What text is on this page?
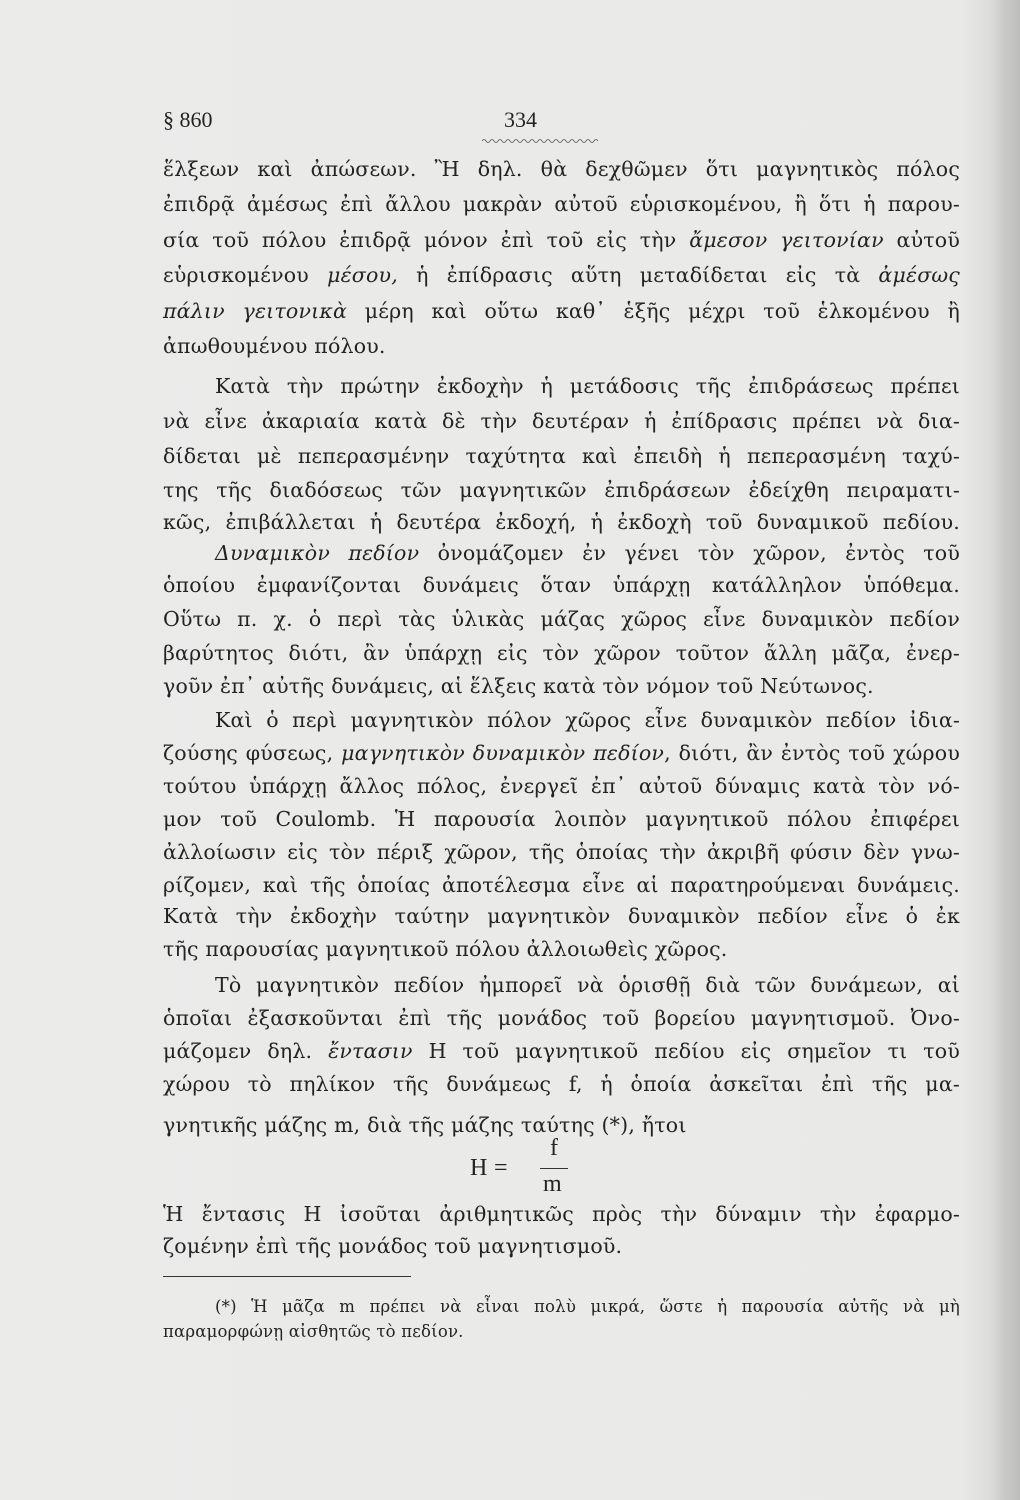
§ 860	334
ἕλξεων καὶ ἀπώσεων. Ἢ δηλ. θὰ δεχθῶμεν ὅτι μαγνητικὸς πόλος
ἐπιδρᾷ ἀμέσως ἐπὶ ἄλλου μακρὰν αὐτοῦ εὑρισκομένου, ἢ ὅτι ἡ παρου-
σία τοῦ πόλου ἐπιδρᾷ μόνον ἐπὶ τοῦ εἰς τὴν ἄμεσον γειτονίαν αὐτοῦ
εὑρισκομένου μέσου, ἡ ἐπίδρασις αὕτη μεταδίδεται εἰς τὰ ἀμέσως
πάλιν γειτονικὰ μέρη καὶ οὕτω καθ᾽ ἑξῆς μέχρι τοῦ ἑλκομένου ἢ
ἀπωθουμένου πόλου.
Κατὰ τὴν πρώτην ἐκδοχὴν ἡ μετάδοσις τῆς ἐπιδράσεως πρέπει
νὰ εἶνε ἀκαριαία κατὰ δὲ τὴν δευτέραν ἡ ἐπίδρασις πρέπει νὰ δια-
δίδεται μὲ πεπερασμένην ταχύτητα καὶ ἐπειδὴ ἡ πεπερασμένη ταχύ-
της τῆς διαδόσεως τῶν μαγνητικῶν ἐπιδράσεων ἐδείχθη πειραματι-
κῶς, ἐπιβάλλεται ἡ δευτέρα ἐκδοχή, ἡ ἐκδοχὴ τοῦ δυναμικοῦ πεδίου.
Δυναμικὸν πεδίον ὀνομάζομεν ἐν γένει τὸν χῶρον, ἐντὸς τοῦ
ὁποίου ἐμφανίζονται δυνάμεις ὅταν ὑπάρχῃ κατάλληλον ὑπόθεμα.
Οὕτω π. χ. ὁ περὶ τὰς ὑλικὰς μάζας χῶρος εἶνε δυναμικὸν πεδίον
βαρύτητος διότι, ἂν ὑπάρχῃ εἰς τὸν χῶρον τοῦτον ἄλλη μᾶζα, ἐνερ-
γοῦν ἐπ᾽ αὐτῆς δυνάμεις, αἱ ἕλξεις κατὰ τὸν νόμον τοῦ Νεύτωνος.
Καὶ ὁ περὶ μαγνητικὸν πόλον χῶρος εἶνε δυναμικὸν πεδίον ἰδια-
ζούσης φύσεως, μαγνητικὸν δυναμικὸν πεδίον, διότι, ἂν ἐντὸς τοῦ χώρου
τούτου ὑπάρχῃ ἄλλος πόλος, ἐνεργεῖ ἐπ᾽ αὐτοῦ δύναμις κατὰ τὸν νό-
μον τοῦ Coulomb. Ἡ παρουσία λοιπὸν μαγνητικοῦ πόλου ἐπιφέρει
ἀλλοίωσιν εἰς τὸν πέριξ χῶρον, τῆς ὁποίας τὴν ἀκριβῆ φύσιν δὲν γνω-
ρίζομεν, καὶ τῆς ὁποίας ἀποτέλεσμα εἶνε αἱ παρατηρούμεναι δυνάμεις.
Κατὰ τὴν ἐκδοχὴν ταύτην μαγνητικὸν δυναμικὸν πεδίον εἶνε ὁ ἐκ
τῆς παρουσίας μαγνητικοῦ πόλου ἀλλοιωθεὶς χῶρος.
Τὸ μαγνητικὸν πεδίον ἠμπορεῖ νὰ ὁρισθῇ διὰ τῶν δυνάμεων, αἱ
ὁποῖαι ἐξασκοῦνται ἐπὶ τῆς μονάδος τοῦ βορείου μαγνητισμοῦ. Ὀνο-
μάζομεν δηλ. ἔντασιν H τοῦ μαγνητικοῦ πεδίου εἰς σημεῖον τι τοῦ
χώρου τὸ πηλίκον τῆς δυνάμεως f, ἡ ὁποία ἀσκεῖται ἐπὶ τῆς μα-
γνητικῆς μάζης m, διὰ τῆς μάζης ταύτης (*), ἤτοι
Ἡ ἔντασις H ἰσοῦται ἀριθμητικῶς πρὸς τὴν δύναμιν τὴν ἐφαρμο-
ζομένην ἐπὶ τῆς μονάδος τοῦ μαγνητισμοῦ.
H =
f
m
(*) Ἡ μᾶζα m πρέπει νὰ εἶναι πολὺ μικρά, ὥστε ἡ παρουσία αὐτῆς νὰ μὴ
παραμορφώνῃ αἰσθητῶς τὸ πεδίον.
